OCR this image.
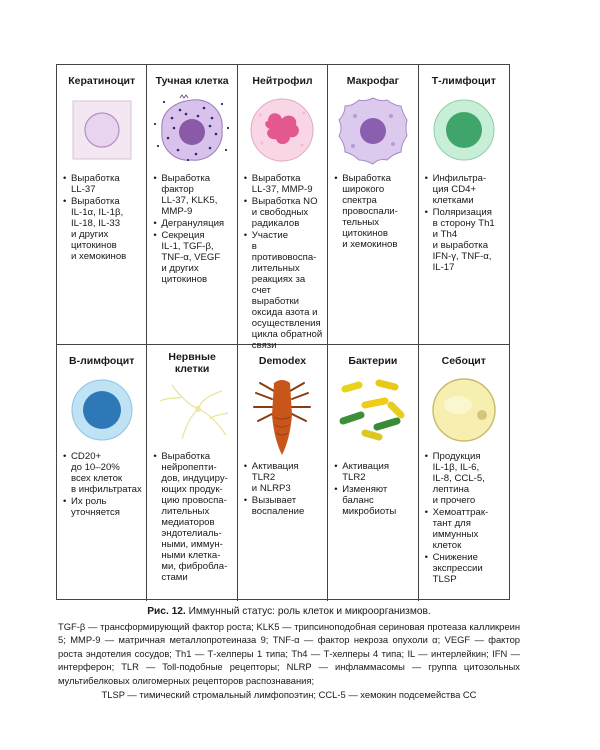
Кератиноцит
• Выработка
LL-37
• Выработка
IL-1α, IL-1β,
IL-18, IL-33
и других
цитокинов
и хемокинов
Тучная клетка
• Выработка
фактор
LL-37, KLK5,
MMP-9
• Дегрануляция
• Секреция
IL-1, TGF-β,
TNF-α, VEGF
и других
цитокинов
Нейтрофил
• Выработка
LL-37, MMP-9
• Выработка NO
и свободных
радикалов
• Участие
в противовоспа-
лительных
реакциях за счет
выработки
оксида азота и
осуществления
цикла обратной
связи
Макрофаг
• Выработка
широкого
спектра
провоспали-
тельных
цитокинов
и хемокинов
Т-лимфоцит
• Инфильтра-
ция CD4+
клетками
• Поляризация
в сторону Th1
и Th4
и выработка
IFN-γ, TNF-α,
IL-17
B-лимфоцит
• CD20+
до 10–20%
всех клеток
в инфильтратах
• Их роль
уточняется
Нервные
клетки
• Выработка
нейропепти-
дов, индуциру-
ющих продук-
цию провоспа-
лительных
медиаторов
эндотелиаль-
ными, иммун-
ными клетка-
ми, фибробла-
стами
Demodex
• Активация
TLR2
и NLRP3
• Вызывает
воспаление
Бактерии
• Активация
TLR2
• Изменяют
баланс
микробиоты
Себоцит
• Продукция
IL-1β, IL-6,
IL-8, CCL-5,
лептина
и прочего
• Хемоаттрак-
тант для
иммунных
клеток
• Снижение
экспрессии
TLSP
Рис. 12. Иммунный статус: роль клеток и микроорганизмов.

TGF-β — трансформирующий фактор роста; KLK5 — трипсиноподобная сериновая протеаза калликреин 5; MMP-9 — матричная металлопротеиназа 9; TNF-α — фактор некроза опухоли α; VEGF — фактор роста эндотелия сосудов; Th1 — Т-хелперы 1 типа; Th4 — Т-хелперы 4 типа; IL — интерлейкин; IFN — интерферон; TLR — Toll-подобные рецепторы; NLRP — инфламмасомы — группа цитозольных мультибелковых олигомерных рецепторов распознавания;

TLSP — тимический стромальный лимфопоэтин; CCL-5 — хемокин подсемейства CC
